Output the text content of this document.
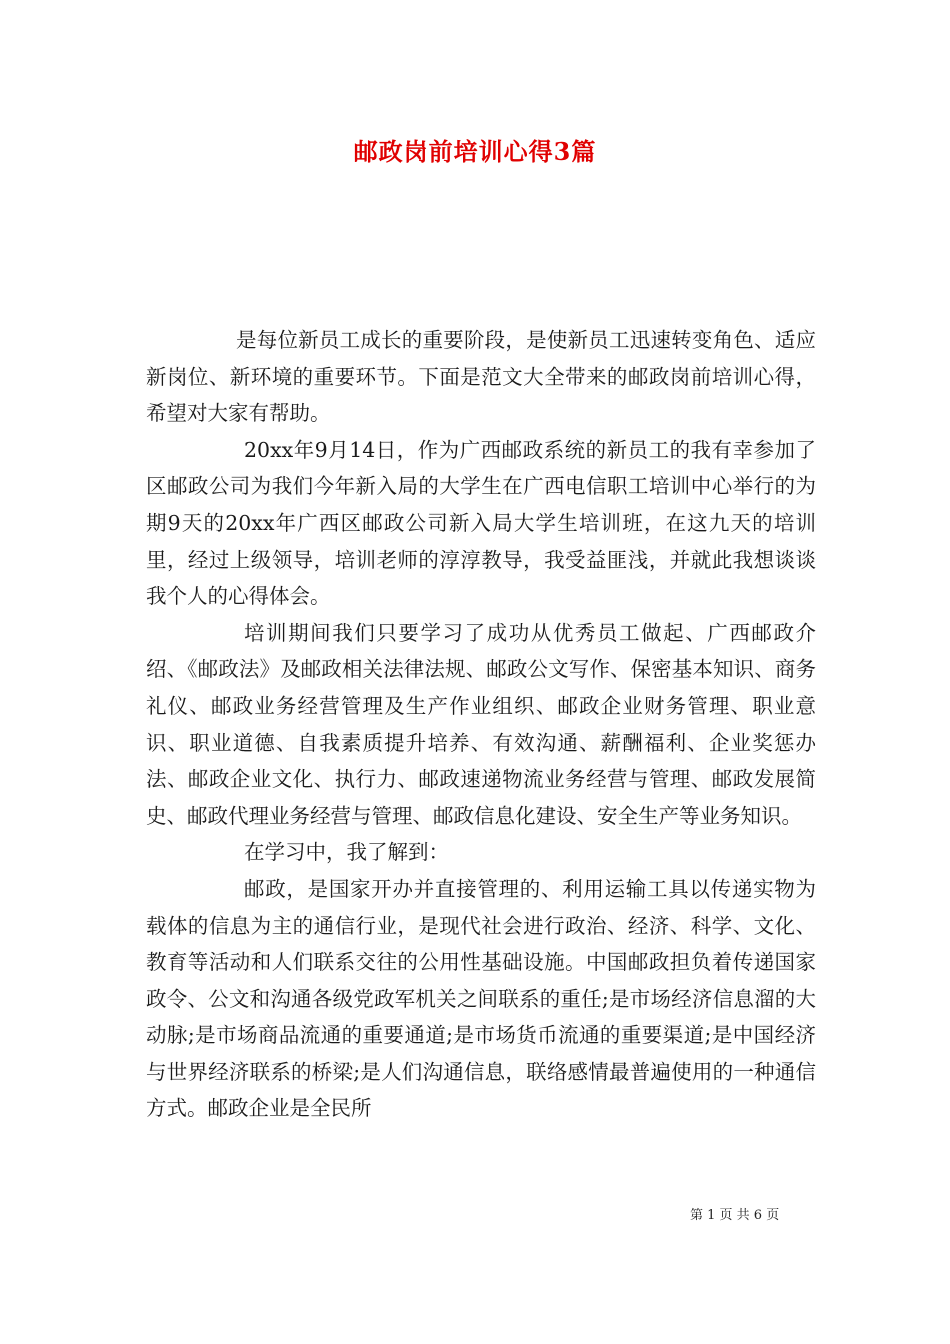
邮政岗前培训心得3篇

是每位新员工成长的重要阶段，是使新员工迅速转变角色、适应新岗位、新环境的重要环节。下面是范文大全带来的邮政岗前培训心得，希望对大家有帮助。

20xx年9月14日，作为广西邮政系统的新员工的我有幸参加了区邮政公司为我们今年新入局的大学生在广西电信职工培训中心举行的为期9天的20xx年广西区邮政公司新入局大学生培训班，在这九天的培训里，经过上级领导，培训老师的淳淳教导，我受益匪浅，并就此我想谈谈我个人的心得体会。

培训期间我们只要学习了成功从优秀员工做起、广西邮政介绍、《邮政法》及邮政相关法律法规、邮政公文写作、保密基本知识、商务礼仪、邮政业务经营管理及生产作业组织、邮政企业财务管理、职业意识、职业道德、自我素质提升培养、有效沟通、薪酬福利、企业奖惩办法、邮政企业文化、执行力、邮政速递物流业务经营与管理、邮政发展简史、邮政代理业务经营与管理、邮政信息化建设、安全生产等业务知识。

在学习中，我了解到：

邮政，是国家开办并直接管理的、利用运输工具以传递实物为载体的信息为主的通信行业，是现代社会进行政治、经济、科学、文化、教育等活动和人们联系交往的公用性基础设施。中国邮政担负着传递国家政令、公文和沟通各级党政军机关之间联系的重任;是市场经济信息溜的大动脉;是市场商品流通的重要通道;是市场货币流通的重要渠道;是中国经济与世界经济联系的桥梁;是人们沟通信息，联络感情最普遍使用的一种通信方式。邮政企业是全民所

第 1 页 共 6 页
